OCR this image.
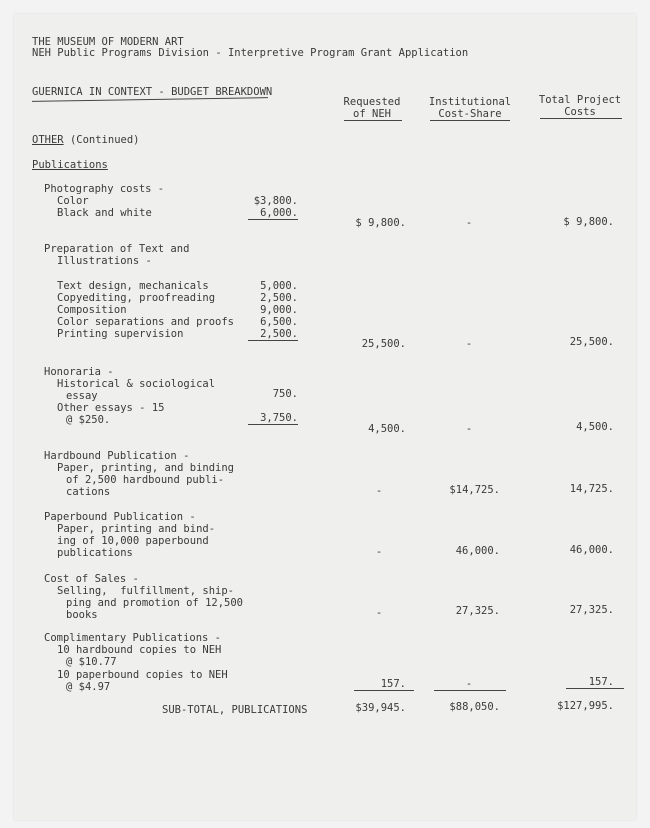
THE MUSEUM OF MODERN ART
NEH Public Programs Division - Interpretive Program Grant Application
GUERNICA IN CONTEXT - BUDGET BREAKDOWN
Requested
of NEH
Institutional
Cost-Share
Total Project
Costs
OTHER (Continued)
Publications
Photography costs -
Color	$3,800.
Black and white	6,000.
$ 9,800.	-	$ 9,800.
Preparation of Text and
Illustrations -
Text design, mechanicals	5,000.
Copyediting, proofreading	2,500.
Composition	9,000.
Color separations and proofs	6,500.
Printing supervision	2,500.
25,500.	-	25,500.
Honoraria -
Historical & sociological
essay	750.
Other essays - 15
@ $250.	3,750.
4,500.	-	4,500.
Hardbound Publication -
Paper, printing, and binding
of 2,500 hardbound publi-
cations	-	$14,725.	14,725.
Paperbound Publication -
Paper, printing and bind-
ing of 10,000 paperbound
publications	-	46,000.	46,000.
Cost of Sales -
Selling,  fulfillment, ship-
ping and promotion of 12,500
books	-	27,325.	27,325.
Complimentary Publications -
10 hardbound copies to NEH
@ $10.77
10 paperbound copies to NEH
@ $4.97	157.	-	157.
SUB-TOTAL, PUBLICATIONS	$39,945.	$88,050.	$127,995.
